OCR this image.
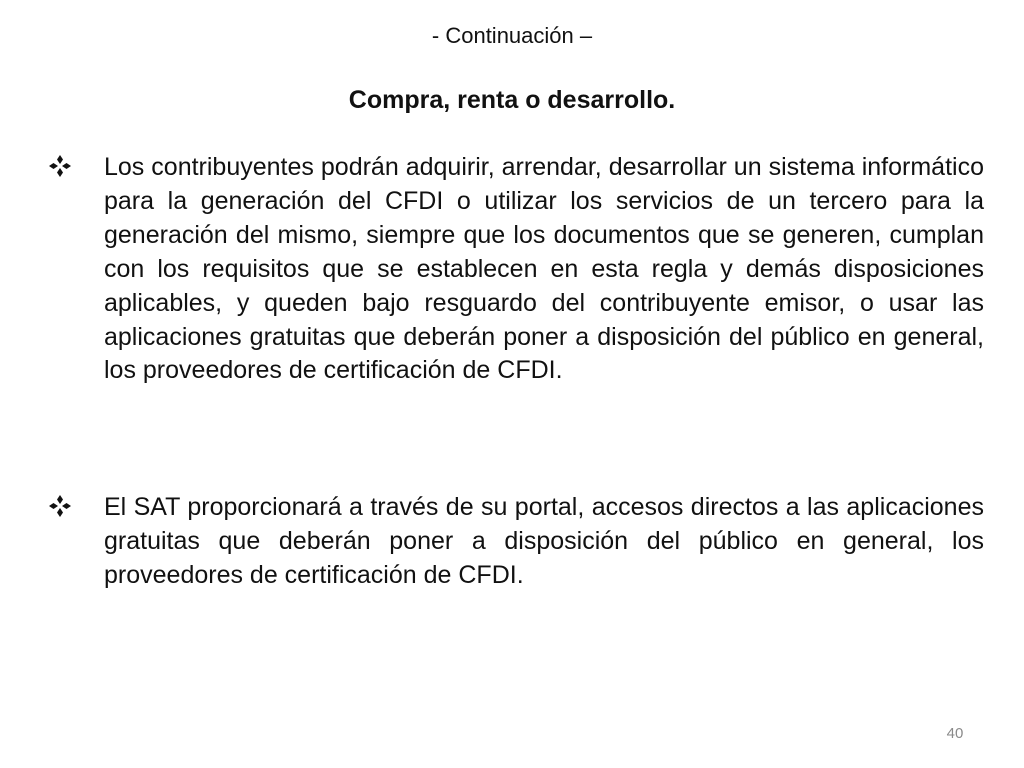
- Continuación –
Compra, renta o desarrollo.

Los contribuyentes podrán adquirir, arrendar, desarrollar un sistema informático para la generación del CFDI o utilizar los servicios de un tercero para la generación del mismo, siempre que los documentos que se generen, cumplan con los requisitos que se establecen en esta regla y demás disposiciones aplicables, y queden bajo resguardo del contribuyente emisor, o usar las aplicaciones gratuitas que deberán poner a disposición del público en general, los proveedores de certificación de CFDI.

El SAT proporcionará a través de su portal, accesos directos a las aplicaciones gratuitas que deberán poner a disposición del público en general, los proveedores de certificación de CFDI.

40
